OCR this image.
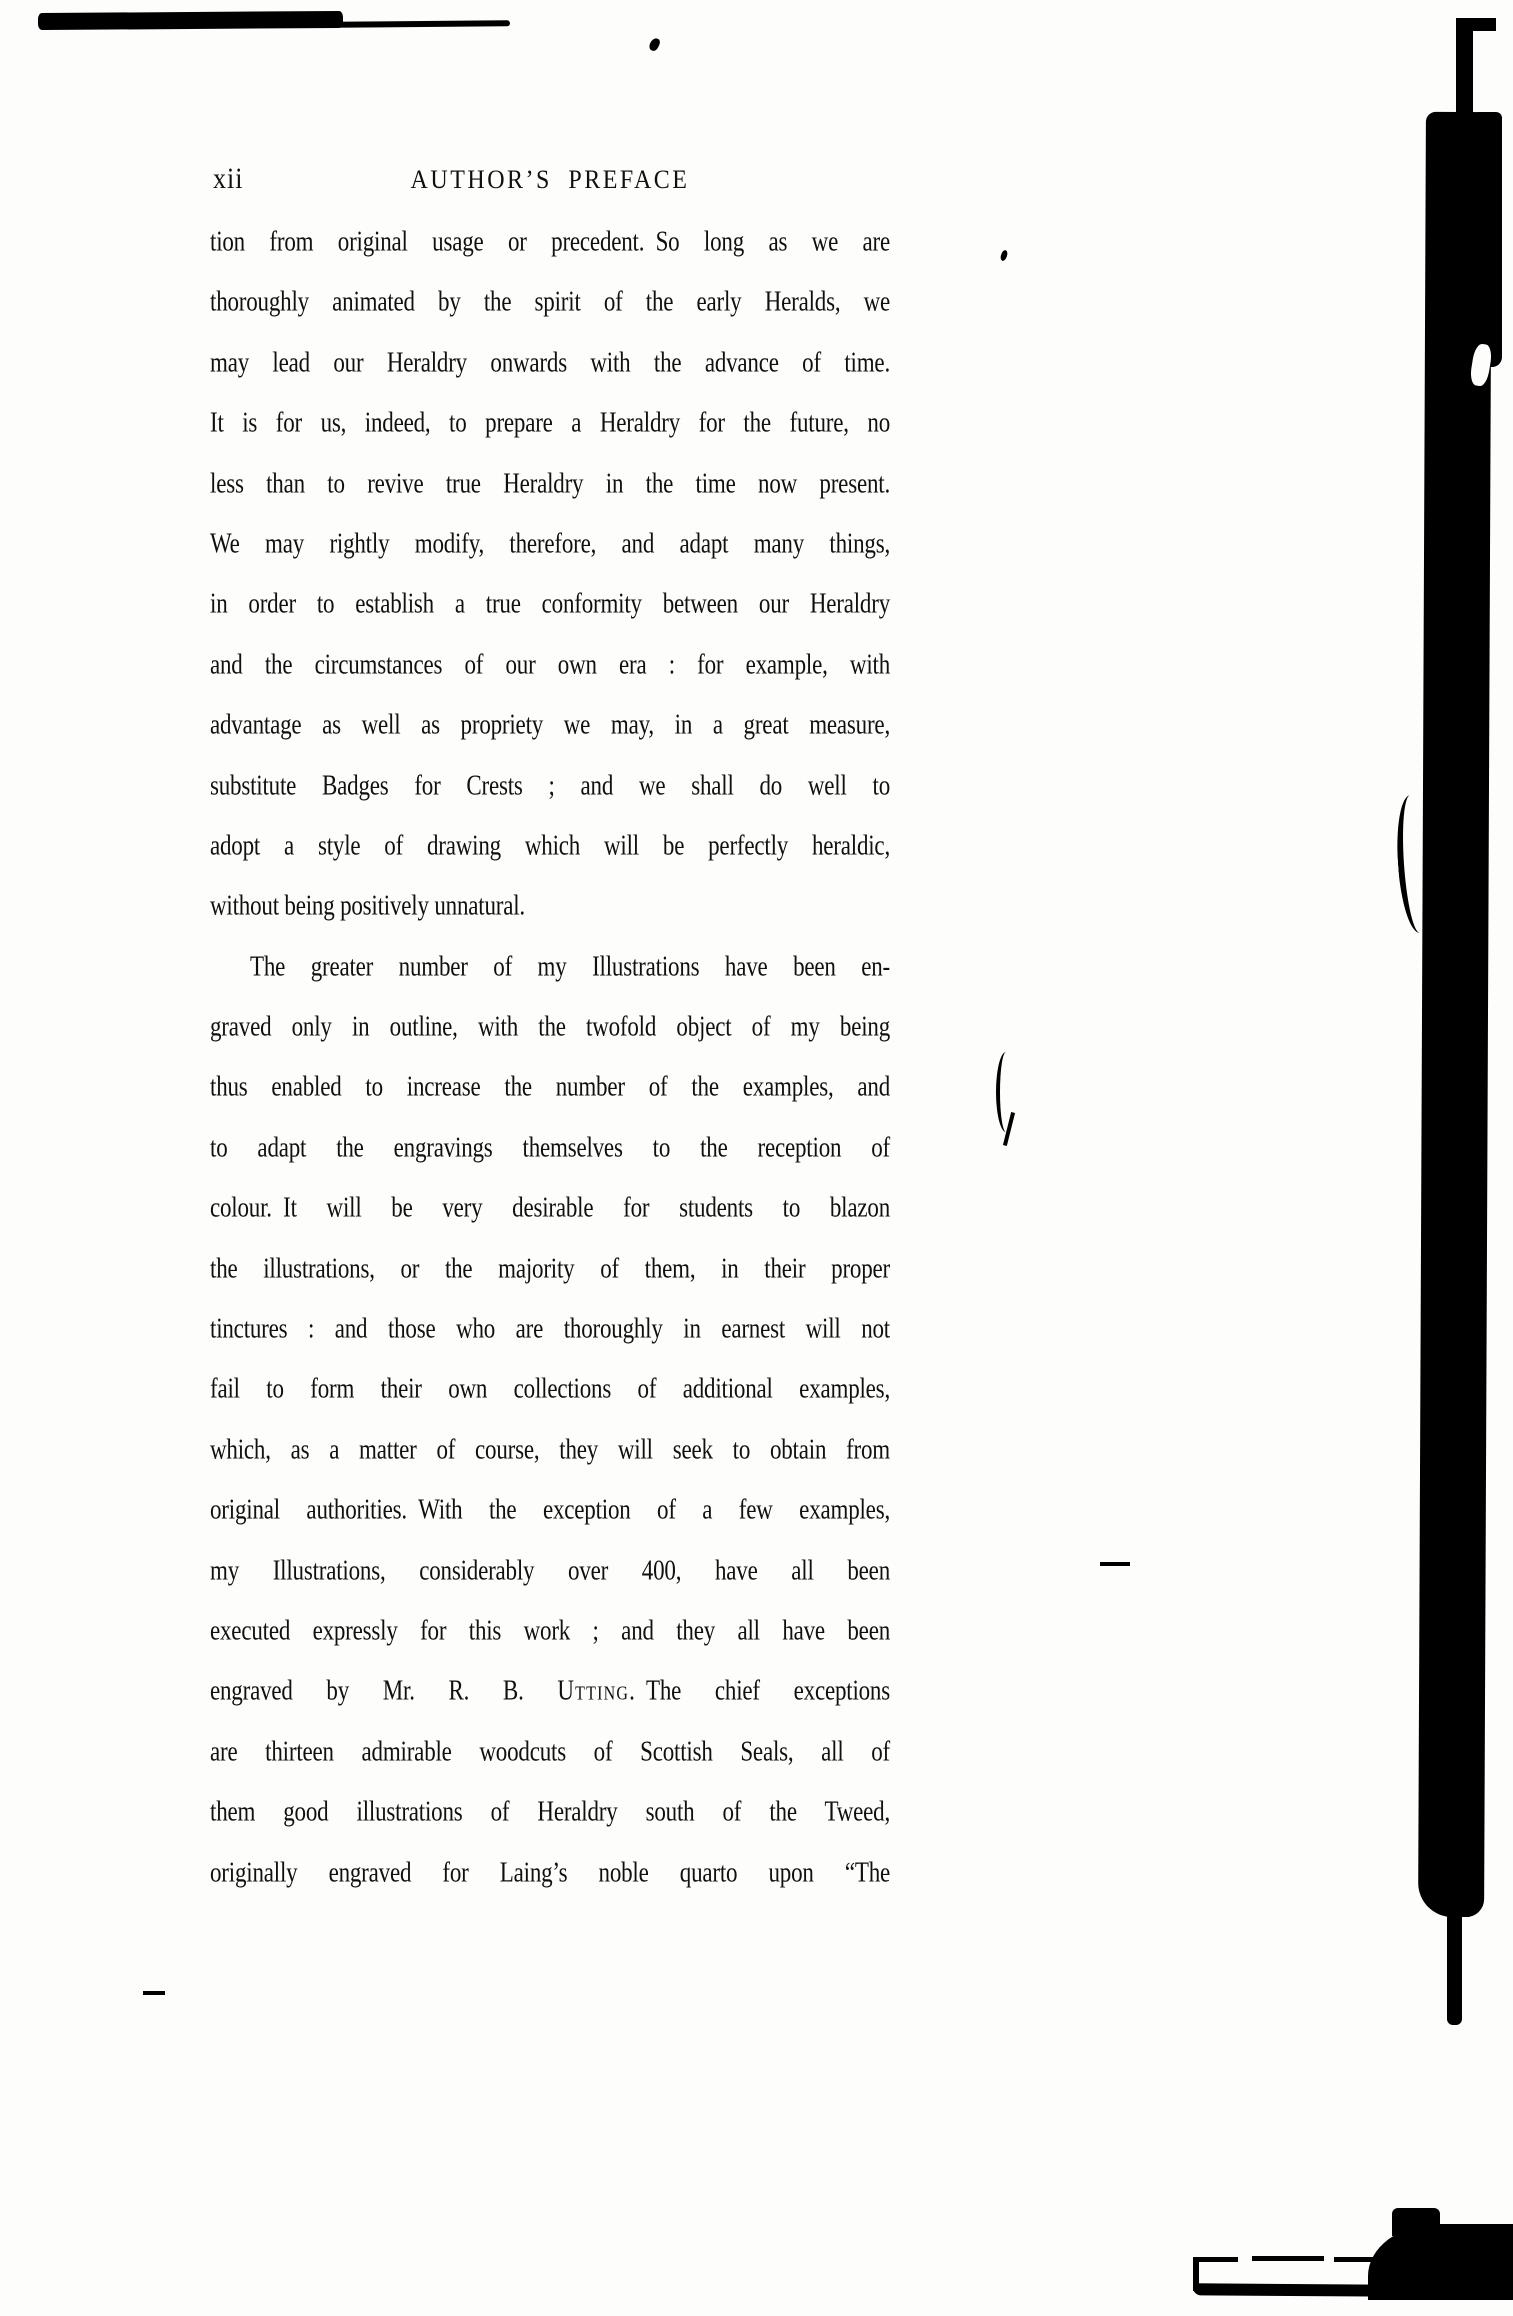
xii	AUTHOR’S PREFACE
tion from original usage or precedent. So long as we are
thoroughly animated by the spirit of the early Heralds, we
may lead our Heraldry onwards with the advance of time.
It is for us, indeed, to prepare a Heraldry for the future, no
less than to revive true Heraldry in the time now present.
We may rightly modify, therefore, and adapt many things,
in order to establish a true conformity between our Heraldry
and the circumstances of our own era : for example, with
advantage as well as propriety we may, in a great measure,
substitute Badges for Crests ; and we shall do well to
adopt a style of drawing which will be perfectly heraldic,
without being positively unnatural.
The greater number of my Illustrations have been en-
graved only in outline, with the twofold object of my being
thus enabled to increase the number of the examples, and
to adapt the engravings themselves to the reception of
colour. It will be very desirable for students to blazon
the illustrations, or the majority of them, in their proper
tinctures : and those who are thoroughly in earnest will not
fail to form their own collections of additional examples,
which, as a matter of course, they will seek to obtain from
original authorities. With the exception of a few examples,
my Illustrations, considerably over 400, have all been
executed expressly for this work ; and they all have been
engraved by Mr. R. B. Utting. The chief exceptions
are thirteen admirable woodcuts of Scottish Seals, all of
them good illustrations of Heraldry south of the Tweed,
originally engraved for Laing’s noble quarto upon “The
